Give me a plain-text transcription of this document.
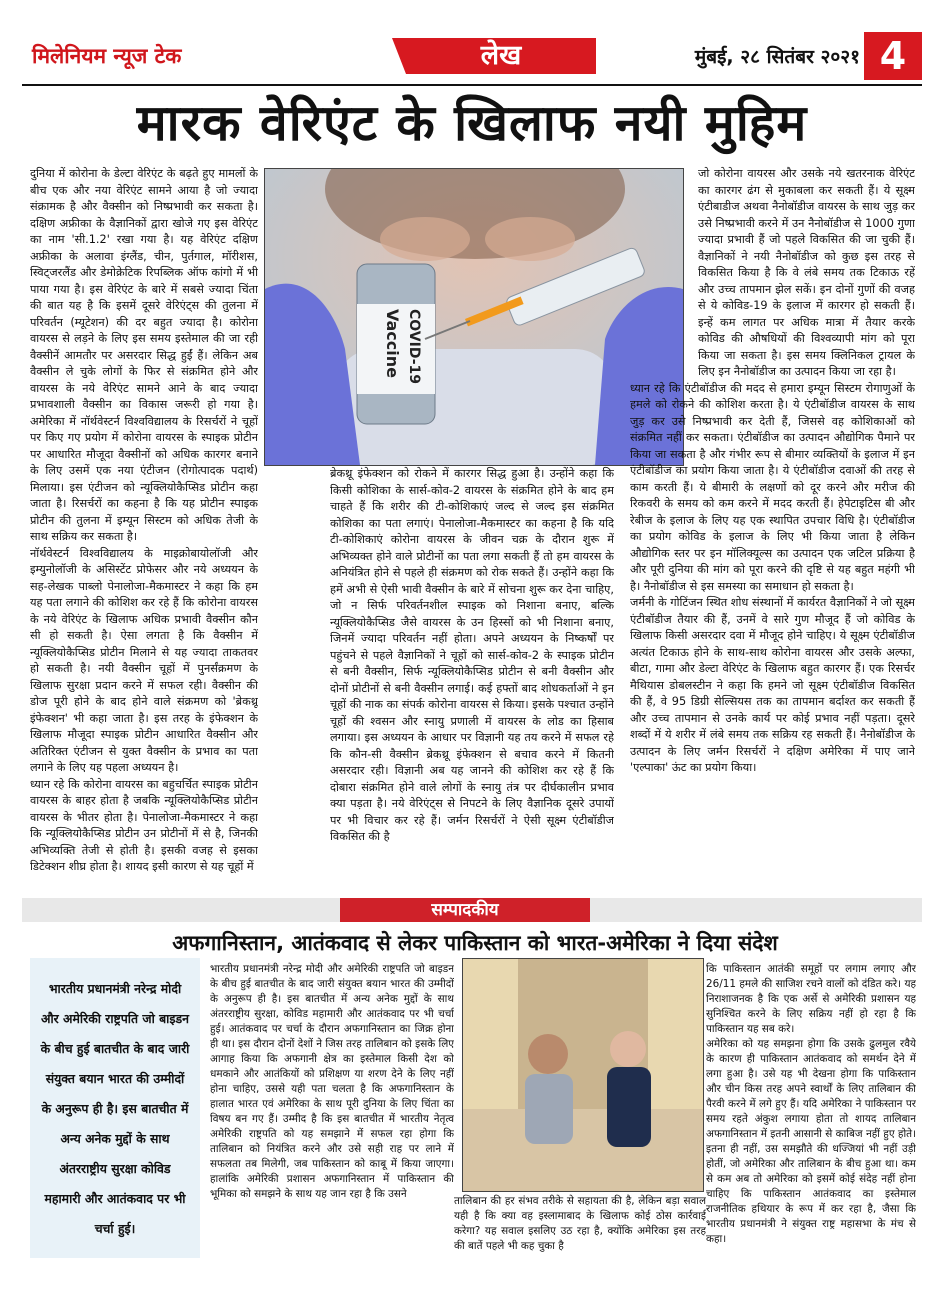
मिलेनियम न्यूज टेक	लेख	मुंबई, २८ सितंबर २०२१ 4
मारक वेरिएंट के खिलाफ नयी मुहिम

दुनिया में कोरोना के डेल्टा वेरिएंट के बढ़ते हुए मामलों के बीच एक और नया वेरिएंट सामने आया है जो ज्यादा संक्रामक है और वैक्सीन को निष्प्रभावी कर सकता है। दक्षिण अफ्रीका के वैज्ञानिकों द्वारा खोजे गए इस वेरिएंट का नाम 'सी.1.2' रखा गया है। यह वेरिएंट दक्षिण अफ्रीका के अलावा इंग्लैंड, चीन, पुर्तगाल, मॉरीशस, स्विट्जरलैंड और डेमोक्रेटिक रिपब्लिक ऑफ कांगो में भी पाया गया है। इस वेरिएंट के बारे में सबसे ज्यादा चिंता की बात यह है कि इसमें दूसरे वेरिएंट्स की तुलना में परिवर्तन (म्यूटेशन) की दर बहुत ज्यादा है। कोरोना वायरस से लड़ने के लिए इस समय इस्तेमाल की जा रही वैक्सीनें आमतौर पर असरदार सिद्ध हुईं हैं। लेकिन अब वैक्सीन ले चुके लोगों के फिर से संक्रमित होने और वायरस के नये वेरिएंट सामने आने के बाद ज्यादा प्रभावशाली वैक्सीन का विकास जरूरी हो गया है। अमेरिका में नॉर्थवेस्टर्न विश्वविद्यालय के रिसर्चरों ने चूहों पर किए गए प्रयोग में कोरोना वायरस के स्पाइक प्रोटीन पर आधारित मौजूदा वैक्सीनों को अधिक कारगर बनाने के लिए उसमें एक नया एंटीजन (रोगोत्पादक पदार्थ) मिलाया। इस एंटीजन को न्यूक्लियोकैप्सिड प्रोटीन कहा जाता है। रिसर्चरों का कहना है कि यह प्रोटीन स्पाइक प्रोटीन की तुलना में इम्यून सिस्टम को अधिक तेजी के साथ सक्रिय कर सकता है।

नॉर्थवेस्टर्न विश्वविद्यालय के माइक्रोबायोलॉजी और इम्युनोलॉजी के असिस्टेंट प्रोफेसर और नये अध्ययन के सह-लेखक पाब्लो पेनालोजा-मैकमास्टर ने कहा कि हम यह पता लगाने की कोशिश कर रहे हैं कि कोरोना वायरस के नये वेरिएंट के खिलाफ अधिक प्रभावी वैक्सीन कौन सी हो सकती है। ऐसा लगता है कि वैक्सीन में न्यूक्लियोकैप्सिड प्रोटीन मिलाने से यह ज्यादा ताकतवर हो सकती है। नयी वैक्सीन चूहों में पुनर्संक्रमण के खिलाफ सुरक्षा प्रदान करने में सफल रही। वैक्सीन की डोज पूरी होने के बाद होने वाले संक्रमण को 'ब्रेकथ्रू इंफेक्शन' भी कहा जाता है। इस तरह के इंफेक्शन के खिलाफ मौजूदा स्पाइक प्रोटीन आधारित वैक्सीन और अतिरिक्त एंटीजन से युक्त वैक्सीन के प्रभाव का पता लगाने के लिए यह पहला अध्ययन है।

ध्यान रहे कि कोरोना वायरस का बहुचर्चित स्पाइक प्रोटीन वायरस के बाहर होता है जबकि न्यूक्लियोकैप्सिड प्रोटीन वायरस के भीतर होता है। पेनालोजा-मैकमास्टर ने कहा कि न्यूक्लियोकैप्सिड प्रोटीन उन प्रोटीनों में से है, जिनकी अभिव्यक्ति तेजी से होती है। इसकी वजह से इसका डिटेक्शन शीघ्र होता है। शायद इसी कारण से यह चूहों में

Vaccine COVID-19

ब्रेकथ्रू इंफेक्शन को रोकने में कारगर सिद्ध हुआ है। उन्होंने कहा कि किसी कोशिका के सार्स-कोव-2 वायरस के संक्रमित होने के बाद हम चाहते हैं कि शरीर की टी-कोशिकाएं जल्द से जल्द इस संक्रमित कोशिका का पता लगाएं। पेनालोजा-मैकमास्टर का कहना है कि यदि टी-कोशिकाएं कोरोना वायरस के जीवन चक्र के दौरान शुरू में अभिव्यक्त होने वाले प्रोटीनों का पता लगा सकती हैं तो हम वायरस के अनियंत्रित होने से पहले ही संक्रमण को रोक सकते हैं। उन्होंने कहा कि हमें अभी से ऐसी भावी वैक्सीन के बारे में सोचना शुरू कर देना चाहिए, जो न सिर्फ परिवर्तनशील स्पाइक को निशाना बनाए, बल्कि न्यूक्लियोकैप्सिड जैसे वायरस के उन हिस्सों को भी निशाना बनाए, जिनमें ज्यादा परिवर्तन नहीं होता। अपने अध्ययन के निष्कर्षों पर पहुंचने से पहले वैज्ञानिकों ने चूहों को सार्स-कोव-2 के स्पाइक प्रोटीन से बनी वैक्सीन, सिर्फ न्यूक्लियोकैप्सिड प्रोटीन से बनी वैक्सीन और दोनों प्रोटीनों से बनी वैक्सीन लगाई। कई हफ्तों बाद शोधकर्ताओं ने इन चूहों की नाक का संपर्क कोरोना वायरस से किया। इसके पश्चात उन्होंने चूहों की श्वसन और स्नायु प्रणाली में वायरस के लोड का हिसाब लगाया। इस अध्ययन के आधार पर विज्ञानी यह तय करने में सफल रहे कि कौन-सी वैक्सीन ब्रेकथ्रू इंफेक्शन से बचाव करने में कितनी असरदार रही। विज्ञानी अब यह जानने की कोशिश कर रहे हैं कि दोबारा संक्रमित होने वाले लोगों के स्नायु तंत्र पर दीर्घकालीन प्रभाव क्या पड़ता है। नये वेरिएंट्स से निपटने के लिए वैज्ञानिक दूसरे उपायों पर भी विचार कर रहे हैं। जर्मन रिसर्चरों ने ऐसी सूक्ष्म एंटीबॉडीज विकसित की है

जो कोरोना वायरस और उसके नये खतरनाक वेरिएंट का कारगर ढंग से मुकाबला कर सकती हैं। ये सूक्ष्म एंटीबाडीज अथवा नैनोबॉडीज वायरस के साथ जुड़ कर उसे निष्प्रभावी करने में उन नैनोबॉडीज से 1000 गुणा ज्यादा प्रभावी हैं जो पहले विकसित की जा चुकी हैं। वैज्ञानिकों ने नयी नैनोबॉडीज को कुछ इस तरह से विकसित किया है कि वे लंबे समय तक टिकाऊ रहें और उच्च तापमान झेल सकें। इन दोनों गुणों की वजह से ये कोविड-19 के इलाज में कारगर हो सकती हैं। इन्हें कम लागत पर अधिक मात्रा में तैयार करके कोविड की औषधियों की विश्वव्यापी मांग को पूरा किया जा सकता है। इस समय क्लिनिकल ट्रायल के लिए इन नैनोबॉडीज का उत्पादन किया जा रहा है।

ध्यान रहे कि एंटीबॉडीज की मदद से हमारा इम्यून सिस्टम रोगाणुओं के हमले को रोकने की कोशिश करता है। ये एंटीबॉडीज वायरस के साथ जुड़ कर उसे निष्प्रभावी कर देती हैं, जिससे वह कोशिकाओं को संक्रमित नहीं कर सकता। एंटीबॉडीज का उत्पादन औद्योगिक पैमाने पर किया जा सकता है और गंभीर रूप से बीमार व्यक्तियों के इलाज में इन एंटीबॉडीज का प्रयोग किया जाता है। ये एंटीबॉडीज दवाओं की तरह से काम करती हैं। ये बीमारी के लक्षणों को दूर करने और मरीज की रिकवरी के समय को कम करने में मदद करती हैं। हेपेटाइटिस बी और रेबीज के इलाज के लिए यह एक स्थापित उपचार विधि है। एंटीबॉडीज का प्रयोग कोविड के इलाज के लिए भी किया जाता है लेकिन औद्योगिक स्तर पर इन मॉलिक्यूल्स का उत्पादन एक जटिल प्रक्रिया है और पूरी दुनिया की मांग को पूरा करने की दृष्टि से यह बहुत महंगी भी है। नैनोबॉडीज से इस समस्या का समाधान हो सकता है।

जर्मनी के गोटिंजन स्थित शोध संस्थानों में कार्यरत वैज्ञानिकों ने जो सूक्ष्म एंटीबॉडीज तैयार की हैं, उनमें वे सारे गुण मौजूद हैं जो कोविड के खिलाफ किसी असरदार दवा में मौजूद होने चाहिए। ये सूक्ष्म एंटीबॉडीज अत्यंत टिकाऊ होने के साथ-साथ कोरोना वायरस और उसके अल्फा, बीटा, गामा और डेल्टा वेरिएंट के खिलाफ बहुत कारगर हैं। एक रिसर्चर मैथियास डोबलस्टीन ने कहा कि हमने जो सूक्ष्म एंटीबॉडीज विकसित की हैं, वे 95 डिग्री सेल्सियस तक का तापमान बर्दाश्त कर सकती हैं और उच्च तापमान से उनके कार्य पर कोई प्रभाव नहीं पड़ता। दूसरे शब्दों में ये शरीर में लंबे समय तक सक्रिय रह सकती हैं। नैनोबॉडीज के उत्पादन के लिए जर्मन रिसर्चरों ने दक्षिण अमेरिका में पाए जाने 'एल्पाका' ऊंट का प्रयोग किया।

सम्पादकीय
अफगानिस्तान, आतंकवाद से लेकर पाकिस्तान को भारत-अमेरिका ने दिया संदेश
भारतीय प्रधानमंत्री नरेन्द्र मोदी और अमेरिकी राष्ट्रपति जो बाइडन के बीच हुई बातचीत के बाद जारी संयुक्त बयान भारत की उम्मीदों के अनुरूप ही है। इस बातचीत में अन्य अनेक मुद्दों के साथ अंतरराष्ट्रीय सुरक्षा कोविड महामारी और आतंकवाद पर भी चर्चा हुई।

भारतीय प्रधानमंत्री नरेन्द्र मोदी और अमेरिकी राष्ट्रपति जो बाइडन के बीच हुई बातचीत के बाद जारी संयुक्त बयान भारत की उम्मीदों के अनुरूप ही है। इस बातचीत में अन्य अनेक मुद्दों के साथ अंतरराष्ट्रीय सुरक्षा, कोविड महामारी और आतंकवाद पर भी चर्चा हुई। आतंकवाद पर चर्चा के दौरान अफगानिस्तान का जिक्र होना ही था। इस दौरान दोनों देशों ने जिस तरह तालिबान को इसके लिए आगाह किया कि अफगानी क्षेत्र का इस्तेमाल किसी देश को धमकाने और आतंकियों को प्रशिक्षण या शरण देने के लिए नहीं होना चाहिए, उससे यही पता चलता है कि अफगानिस्तान के हालात भारत एवं अमेरिका के साथ पूरी दुनिया के लिए चिंता का विषय बन गए हैं। उम्मीद है कि इस बातचीत में भारतीय नेतृत्व अमेरिकी राष्ट्रपति को यह समझाने में सफल रहा होगा कि तालिबान को नियंत्रित करने और उसे सही राह पर लाने में सफलता तब मिलेगी, जब पाकिस्तान को काबू में किया जाएगा। हालांकि अमेरिकी प्रशासन अफगानिस्तान में पाकिस्तान की भूमिका को समझने के साथ यह जान रहा है कि उसने

तालिबान की हर संभव तरीके से सहायता की है, लेकिन बड़ा सवाल यही है कि क्या वह इस्लामाबाद के खिलाफ कोई ठोस कार्रवाई करेगा? यह सवाल इसलिए उठ रहा है, क्योंकि अमेरिका इस तरह की बातें पहले भी कह चुका है

कि पाकिस्तान आतंकी समूहों पर लगाम लगाए और 26/11 हमले की साजिश रचने वालों को दंडित करे। यह निराशाजनक है कि एक अर्से से अमेरिकी प्रशासन यह सुनिश्चित करने के लिए सक्रिय नहीं हो रहा है कि पाकिस्तान यह सब करे।

अमेरिका को यह समझना होगा कि उसके ढुलमुल रवैये के कारण ही पाकिस्तान आतंकवाद को समर्थन देने में लगा हुआ है। उसे यह भी देखना होगा कि पाकिस्तान और चीन किस तरह अपने स्वार्थों के लिए तालिबान की पैरवी करने में लगे हुए हैं। यदि अमेरिका ने पाकिस्तान पर समय रहते अंकुश लगाया होता तो शायद तालिबान अफगानिस्तान में इतनी आसानी से काबिज नहीं हुए होते। इतना ही नहीं, उस समझौते की धज्जियां भी नहीं उड़ी होतीं, जो अमेरिका और तालिबान के बीच हुआ था। कम से कम अब तो अमेरिका को इसमें कोई संदेह नहीं होना चाहिए कि पाकिस्तान आतंकवाद का इस्तेमाल राजनीतिक हथियार के रूप में कर रहा है, जैसा कि भारतीय प्रधानमंत्री ने संयुक्त राष्ट्र महासभा के मंच से कहा।
